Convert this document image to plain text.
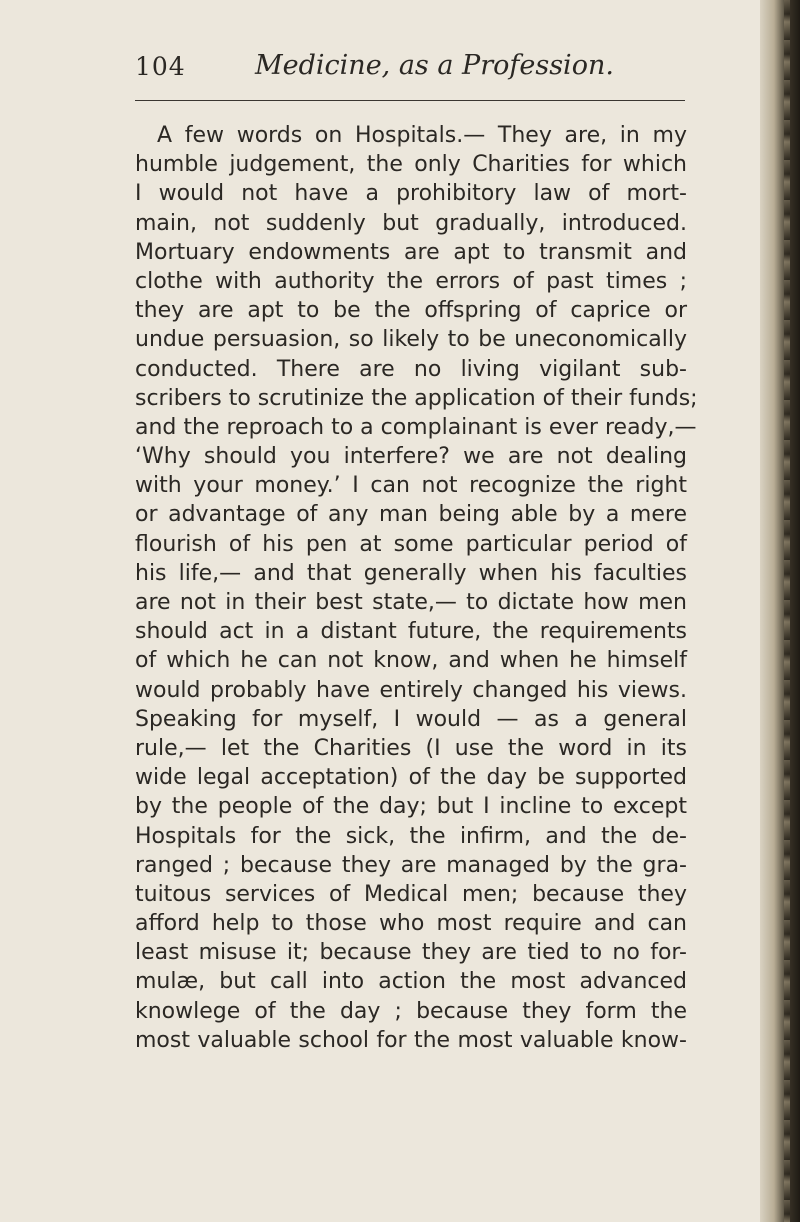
104	Medicine, as a Profession.
A few words on Hospitals.— They are, in my
humble judgement, the only Charities for which
I would not have a prohibitory law of mort-
main, not suddenly but gradually, introduced.
Mortuary endowments are apt to transmit and
clothe with authority the errors of past times ;
they are apt to be the offspring of caprice or
undue persuasion, so likely to be uneconomically
conducted. There are no living vigilant sub-
scribers to scrutinize the application of their funds;
and the reproach to a complainant is ever ready,—
‘Why should you interfere? we are not dealing
with your money.’ I can not recognize the right
or advantage of any man being able by a mere
flourish of his pen at some particular period of
his life,— and that generally when his faculties
are not in their best state,— to dictate how men
should act in a distant future, the requirements
of which he can not know, and when he himself
would probably have entirely changed his views.
Speaking for myself, I would — as a general
rule,— let the Charities (I use the word in its
wide legal acceptation) of the day be supported
by the people of the day; but I incline to except
Hospitals for the sick, the infirm, and the de-
ranged ; because they are managed by the gra-
tuitous services of Medical men; because they
afford help to those who most require and can
least misuse it; because they are tied to no for-
mulæ, but call into action the most advanced
knowlege of the day ; because they form the
most valuable school for the most valuable know-
